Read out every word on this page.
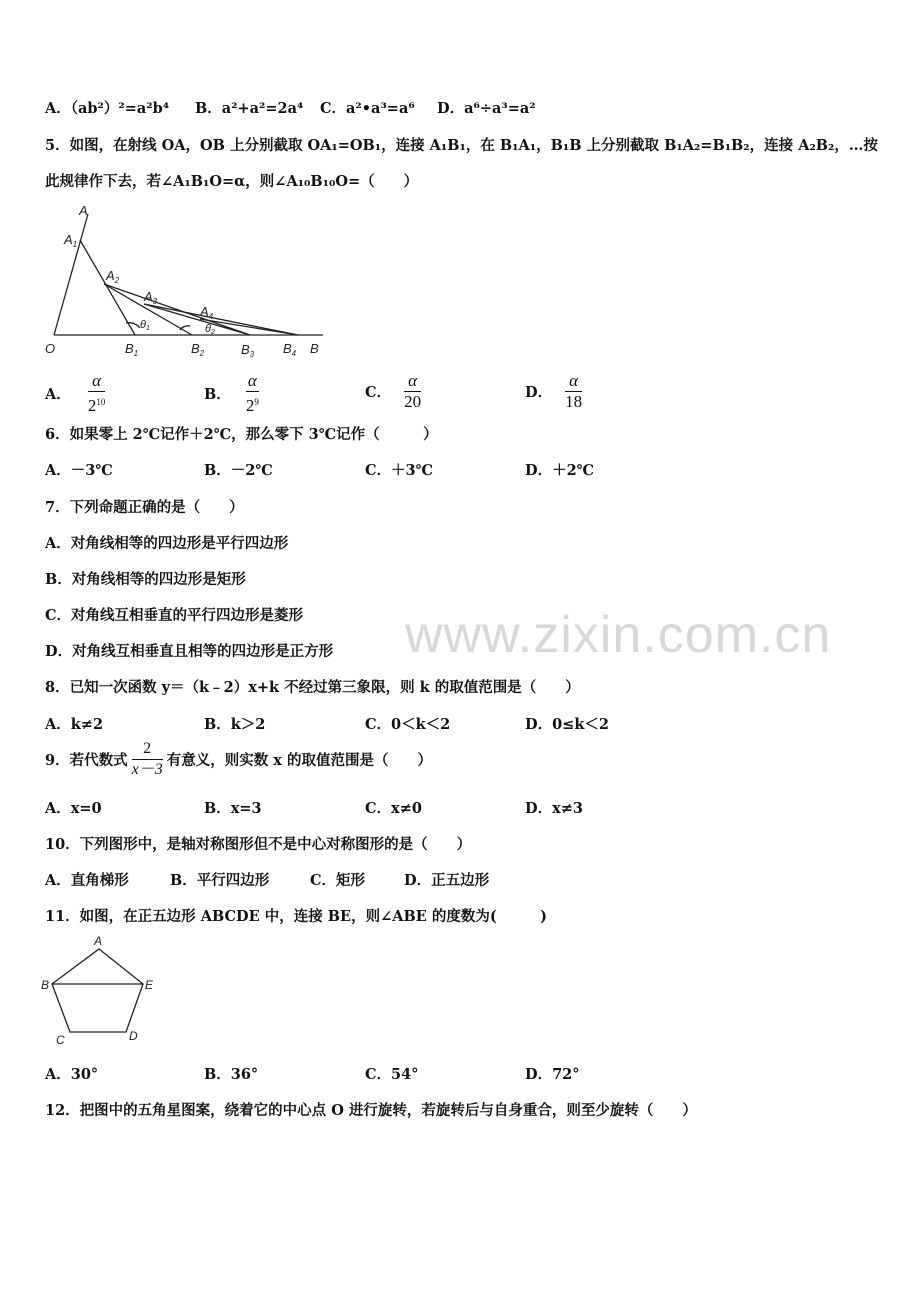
A．（ab²）²=a²b⁴ B．a²+a²=2a⁴ C．a²•a³=a⁶ D．a⁶÷a³=a²
5．如图，在射线 OA，OB 上分别截取 OA₁=OB₁，连接 A₁B₁，在 B₁A₁，B₁B 上分别截取 B₁A₂=B₁B₂，连接 A₂B₂，…按
此规律作下去，若∠A₁B₁O=α，则∠A₁₀B₁₀O=（　　）
A
$A_1$
$A_2$
$A_3$
$A_4$
O	$B_1$	$B_2$	$B_3$ $B_4$ B
θ1	θ2
A． $\frac{\alpha}{2^{10}}$	B． $\frac{\alpha}{2^9}$	C． $\frac{\alpha}{20}$	D． $\frac{\alpha}{18}$
6．如果零上 2℃记作＋2℃，那么零下 3℃记作（　　　）
A．－3℃	B．－2℃	C．＋3℃	D．＋2℃
7．下列命题正确的是（　　）
A．对角线相等的四边形是平行四边形
B．对角线相等的四边形是矩形
C．对角线互相垂直的平行四边形是菱形
D．对角线互相垂直且相等的四边形是正方形 www.zixin.com.cn
8．已知一次函数 y＝（k﹣2）x+k 不经过第三象限，则 k 的取值范围是（　　）
A．k≠2	B．k＞2	C．0＜k＜2	D．0≤k＜2
9．若代数式 $\frac{2}{x-3}$ 有意义，则实数 x 的取值范围是（　　）
A．x=0	B．x=3	C．x≠0	D．x≠3
10．下列图形中，是轴对称图形但不是中心对称图形的是（　　）
A．直角梯形	B．平行四边形	C．矩形	D．正五边形
11．如图，在正五边形 ABCDE 中，连接 BE，则∠ABE 的度数为(　　　)
A
B
C	D
E
A．30°	B．36°	C．54°	D．72°
12．把图中的五角星图案，绕着它的中心点 O 进行旋转，若旋转后与自身重合，则至少旋转（　　）
